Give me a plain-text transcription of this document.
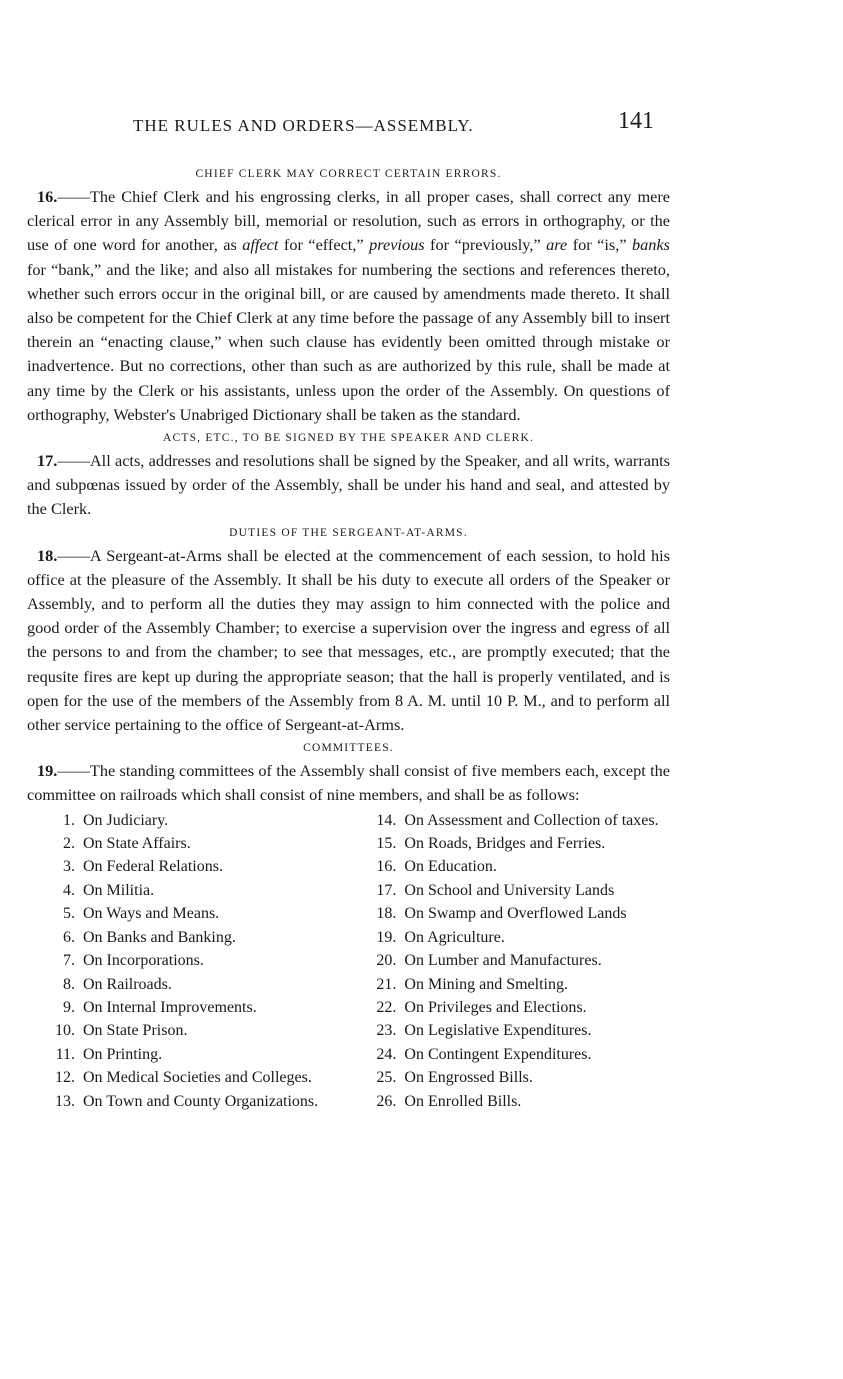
THE RULES AND ORDERS—ASSEMBLY.	141

CHIEF CLERK MAY CORRECT CERTAIN ERRORS.

16.——The Chief Clerk and his engrossing clerks, in all proper cases, shall correct any mere clerical error in any Assembly bill, memorial or resolution, such as errors in orthography, or the use of one word for another, as affect for “effect,” previous for “previously,” are for “is,” banks for “bank,” and the like; and also all mistakes for numbering the sections and references thereto, whether such errors occur in the original bill, or are caused by amendments made thereto. It shall also be competent for the Chief Clerk at any time before the passage of any Assembly bill to insert therein an “enacting clause,” when such clause has evidently been omitted through mistake or inadvertence. But no corrections, other than such as are authorized by this rule, shall be made at any time by the Clerk or his assistants, unless upon the order of the Assembly. On questions of orthography, Webster's Unabriged Dictionary shall be taken as the standard.

ACTS, ETC., TO BE SIGNED BY THE SPEAKER AND CLERK.

17.——All acts, addresses and resolutions shall be signed by the Speaker, and all writs, warrants and subpœnas issued by order of the Assembly, shall be under his hand and seal, and attested by the Clerk.

DUTIES OF THE SERGEANT-AT-ARMS.

18.——A Sergeant-at-Arms shall be elected at the commencement of each session, to hold his office at the pleasure of the Assembly. It shall be his duty to execute all orders of the Speaker or Assembly, and to perform all the duties they may assign to him connected with the police and good order of the Assembly Chamber; to exercise a supervision over the ingress and egress of all the persons to and from the chamber; to see that messages, etc., are promptly executed; that the requsite fires are kept up during the appropriate season; that the hall is properly ventilated, and is open for the use of the members of the Assembly from 8 A. M. until 10 P. M., and to perform all other service pertaining to the office of Sergeant-at-Arms.

COMMITTEES.

19.——The standing committees of the Assembly shall consist of five members each, except the committee on railroads which shall consist of nine members, and shall be as follows:

1. On Judiciary.
2. On State Affairs.
3. On Federal Relations.
4. On Militia.
5. On Ways and Means.
6. On Banks and Banking.
7. On Incorporations.
8. On Railroads.
9. On Internal Improvements.
10. On State Prison.
11. On Printing.
12. On Medical Societies and Colleges.
13. On Town and County Organizations.
14. On Assessment and Collection of taxes.
15. On Roads, Bridges and Ferries.
16. On Education.
17. On School and University Lands
18. On Swamp and Overflowed Lands
19. On Agriculture.
20. On Lumber and Manufactures.
21. On Mining and Smelting.
22. On Privileges and Elections.
23. On Legislative Expenditures.
24. On Contingent Expenditures.
25. On Engrossed Bills.
26. On Enrolled Bills.
